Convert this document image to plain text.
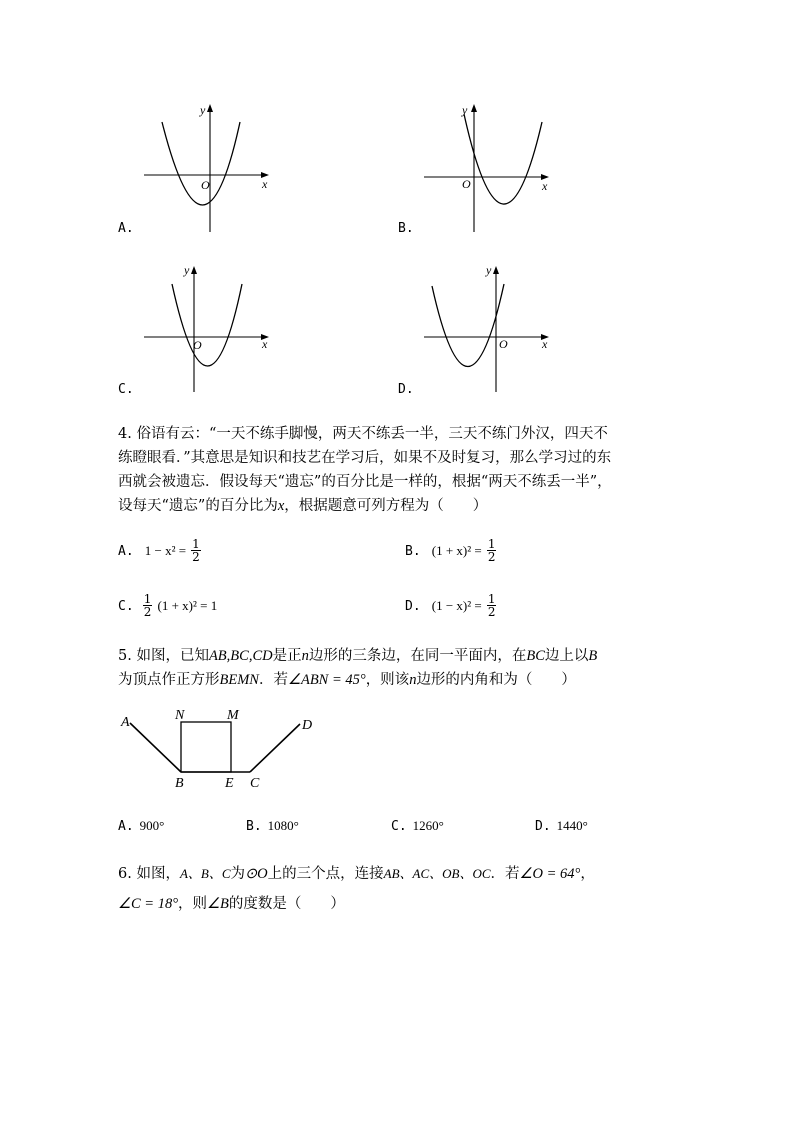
O	x
y
A.
O	x
y
B.
O	x
y
C.
O	x
y
D.
4. 俗语有云：“一天不练手脚慢，两天不练丢一半，三天不练门外汉，四天不
练瞪眼看．”其意思是知识和技艺在学习后，如果不及时复习，那么学习过的东
西就会被遗忘．假设每天“遗忘”的百分比是一样的，根据“两天不练丢一半”，
设每天“遗忘”的百分比为x，根据题意可列方程为（　　）
A. $1 - x^2 = \frac{1}{2}$	B. $(1 + x)^2 = \frac{1}{2}$
C. $\frac{1}{2} (1 + x)^2 = 1$	D. $(1 - x)^2 = \frac{1}{2}$
5. 如图，已知AB,BC,CD是正n边形的三条边，在同一平面内，在BC边上以B
为顶点作正方形BEMN．若∠ABN = 45°，则该n边形的内角和为（　　）
A	N	M
D
B	E C
A. 900°	B. 1080°	C. 1260°	D. 1440°
6. 如图，A、B、C为⊙O上的三个点，连接AB、AC、OB、OC．若∠O = 64°，
∠C = 18°，则∠B的度数是（　　）
